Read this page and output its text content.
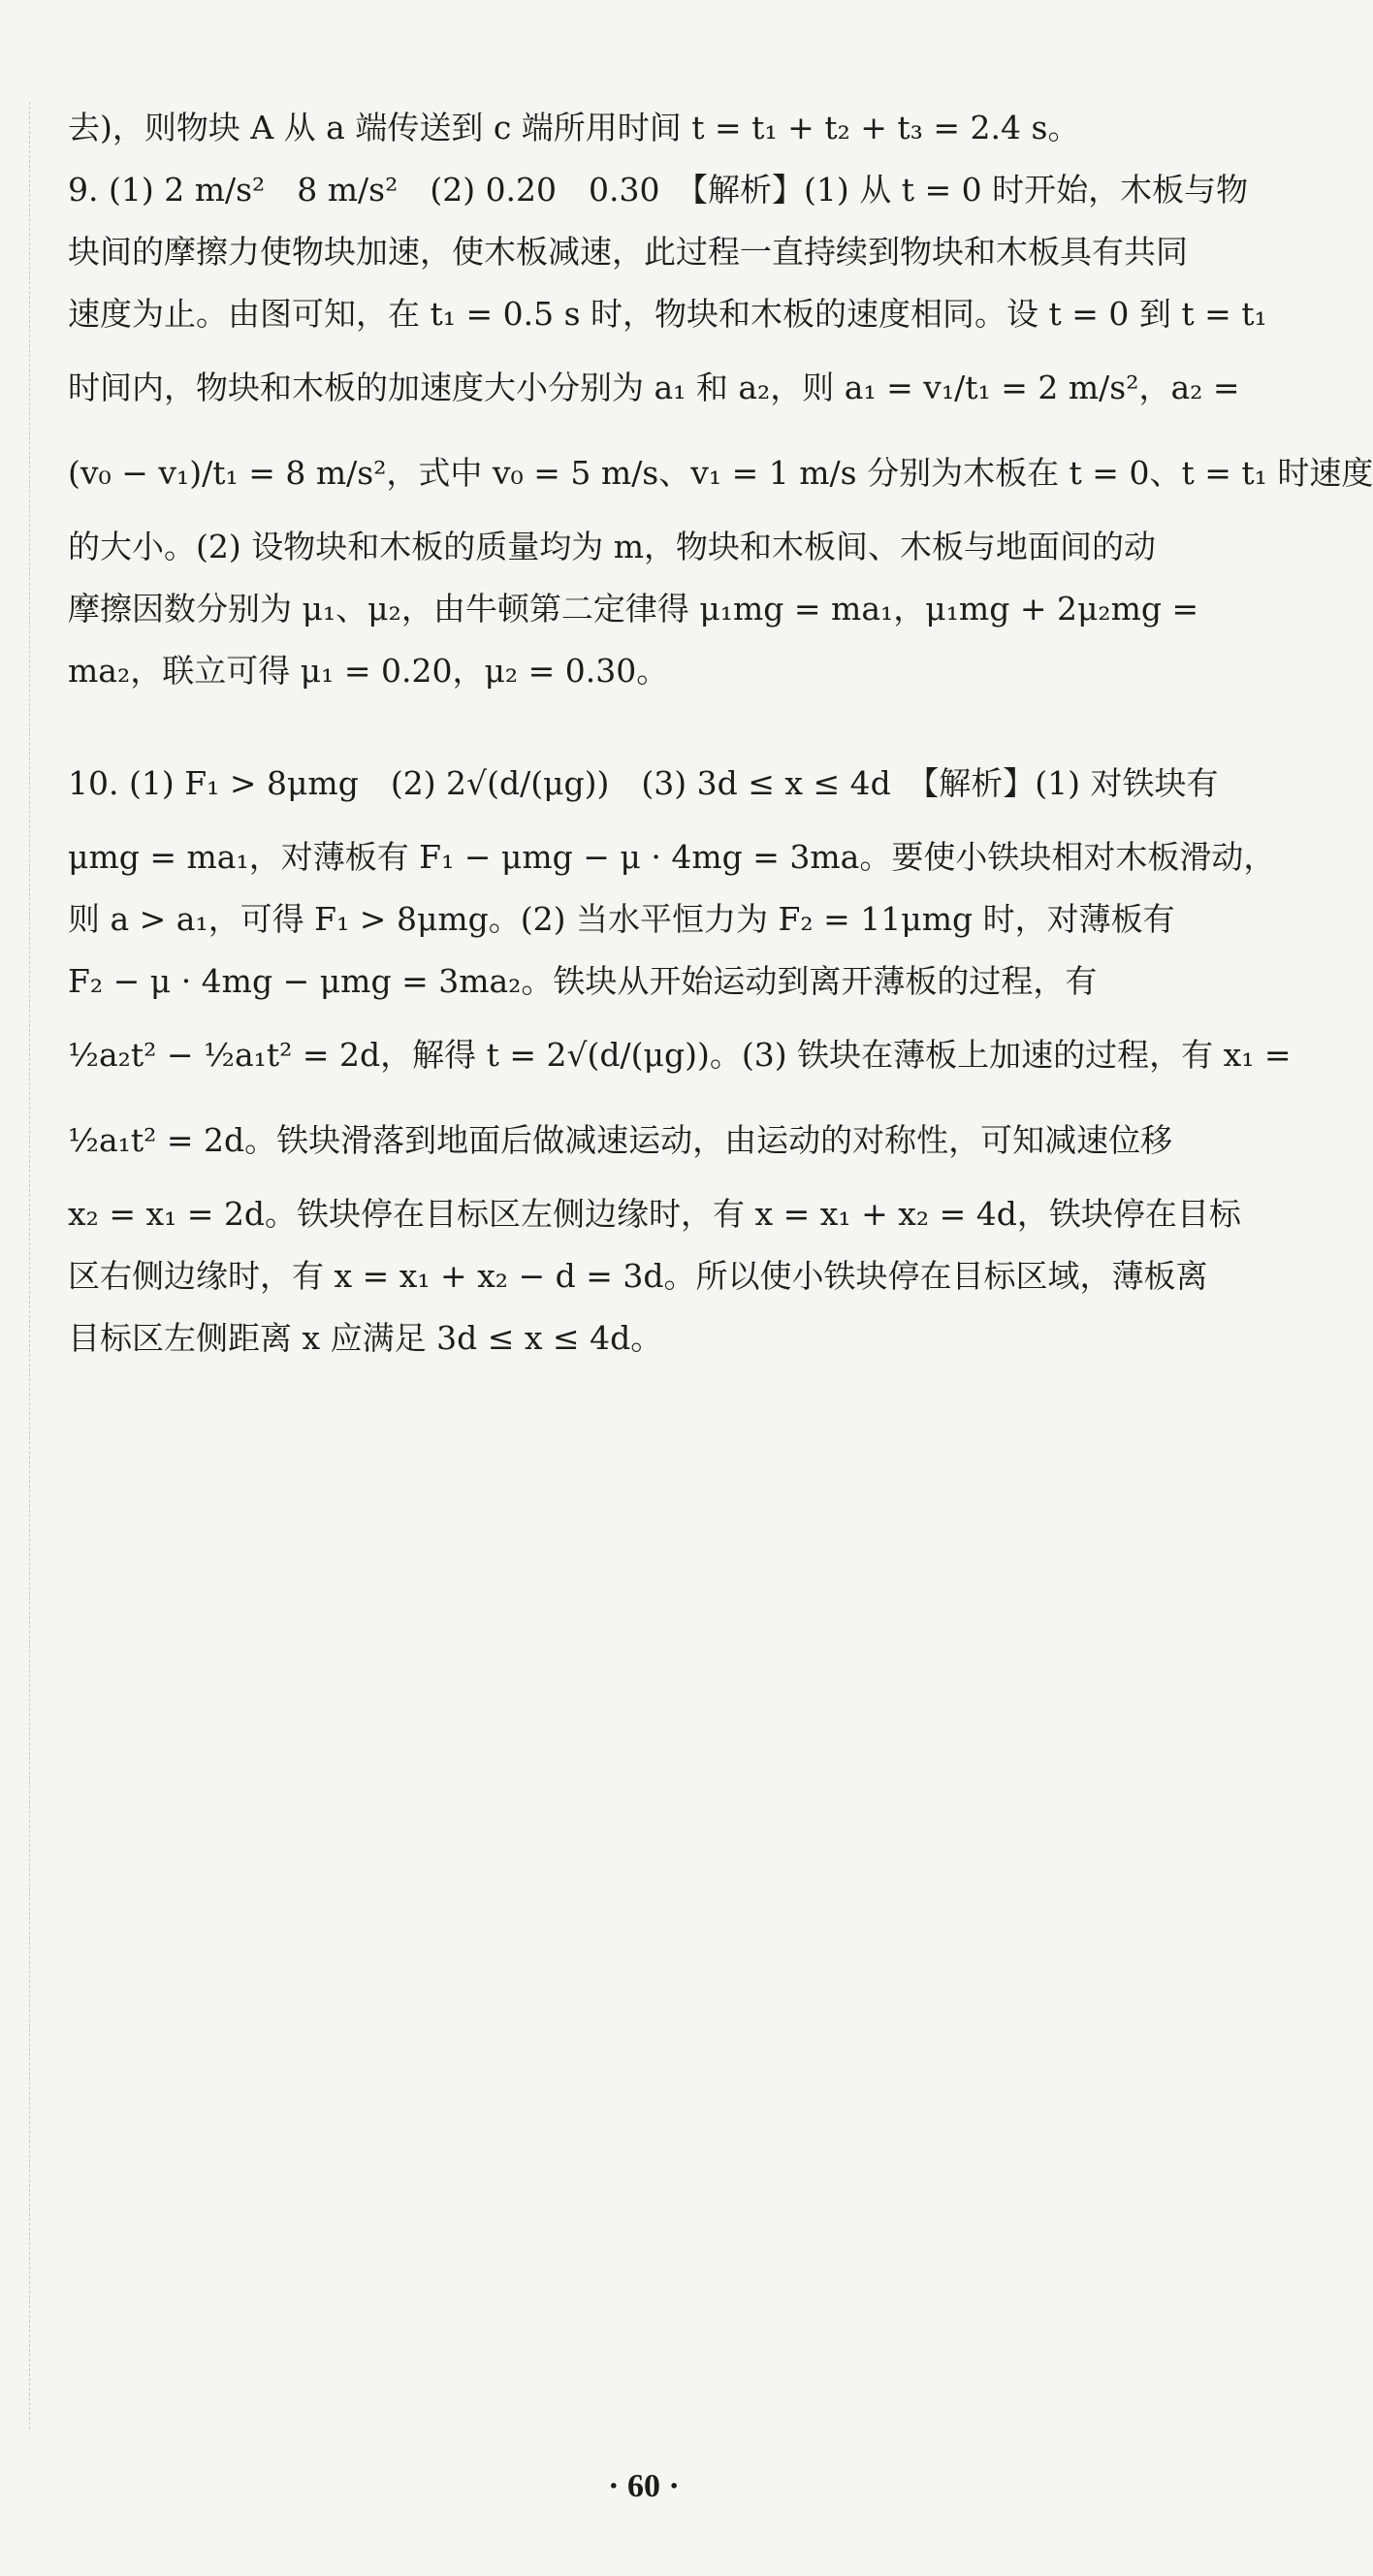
去)，则物块 A 从 a 端传送到 c 端所用时间 t = t₁ + t₂ + t₃ = 2.4 s。
9. (1) 2 m/s²　8 m/s²　(2) 0.20　0.30　【解析】(1) 从 t = 0 时开始，木板与物
块间的摩擦力使物块加速，使木板减速，此过程一直持续到物块和木板具有共同
速度为止。由图可知，在 t₁ = 0.5 s 时，物块和木板的速度相同。设 t = 0 到 t = t₁
时间内，物块和木板的加速度大小分别为 a₁ 和 a₂，则 a₁ = v₁/t₁ = 2 m/s²，a₂ =
(v₀ − v₁)/t₁ = 8 m/s²，式中 v₀ = 5 m/s、v₁ = 1 m/s 分别为木板在 t = 0、t = t₁ 时速度
的大小。(2) 设物块和木板的质量均为 m，物块和木板间、木板与地面间的动
摩擦因数分别为 μ₁、μ₂，由牛顿第二定律得 μ₁mg = ma₁，μ₁mg + 2μ₂mg =
ma₂，联立可得 μ₁ = 0.20，μ₂ = 0.30。
10. (1) F₁ > 8μmg　(2) 2√(d/(μg))　(3) 3d ≤ x ≤ 4d　【解析】(1) 对铁块有
μmg = ma₁，对薄板有 F₁ − μmg − μ · 4mg = 3ma。要使小铁块相对木板滑动，
则 a > a₁，可得 F₁ > 8μmg。(2) 当水平恒力为 F₂ = 11μmg 时，对薄板有
F₂ − μ · 4mg − μmg = 3ma₂。铁块从开始运动到离开薄板的过程，有
½a₂t² − ½a₁t² = 2d，解得 t = 2√(d/(μg))。(3) 铁块在薄板上加速的过程，有 x₁ =
½a₁t² = 2d。铁块滑落到地面后做减速运动，由运动的对称性，可知减速位移
x₂ = x₁ = 2d。铁块停在目标区左侧边缘时，有 x = x₁ + x₂ = 4d，铁块停在目标
区右侧边缘时，有 x = x₁ + x₂ − d = 3d。所以使小铁块停在目标区域，薄板离
目标区左侧距离 x 应满足 3d ≤ x ≤ 4d。
· 60 ·
